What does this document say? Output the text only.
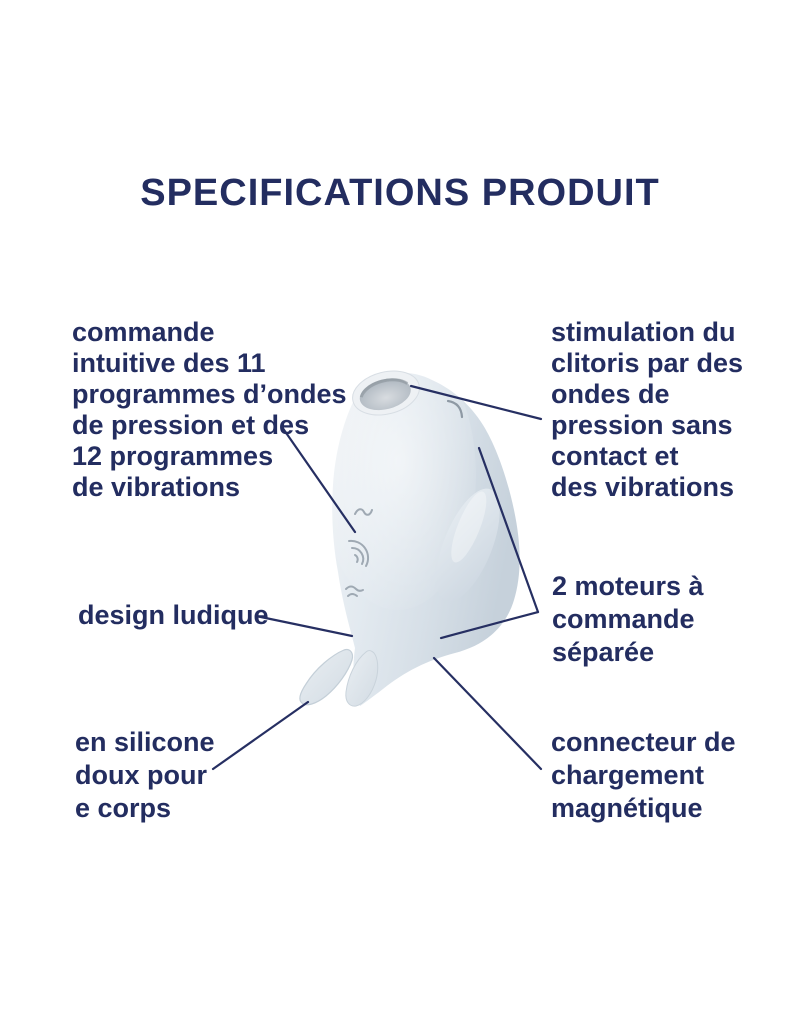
SPECIFICATIONS PRODUIT
commande
intuitive des 11
programmes d’ondes
de pression et des
12 programmes
de vibrations
stimulation du
clitoris par des
ondes de
pression sans
contact et
des vibrations
design ludique
2 moteurs à
commande
séparée
en silicone
doux pour
e corps
connecteur de
chargement
magnétique
